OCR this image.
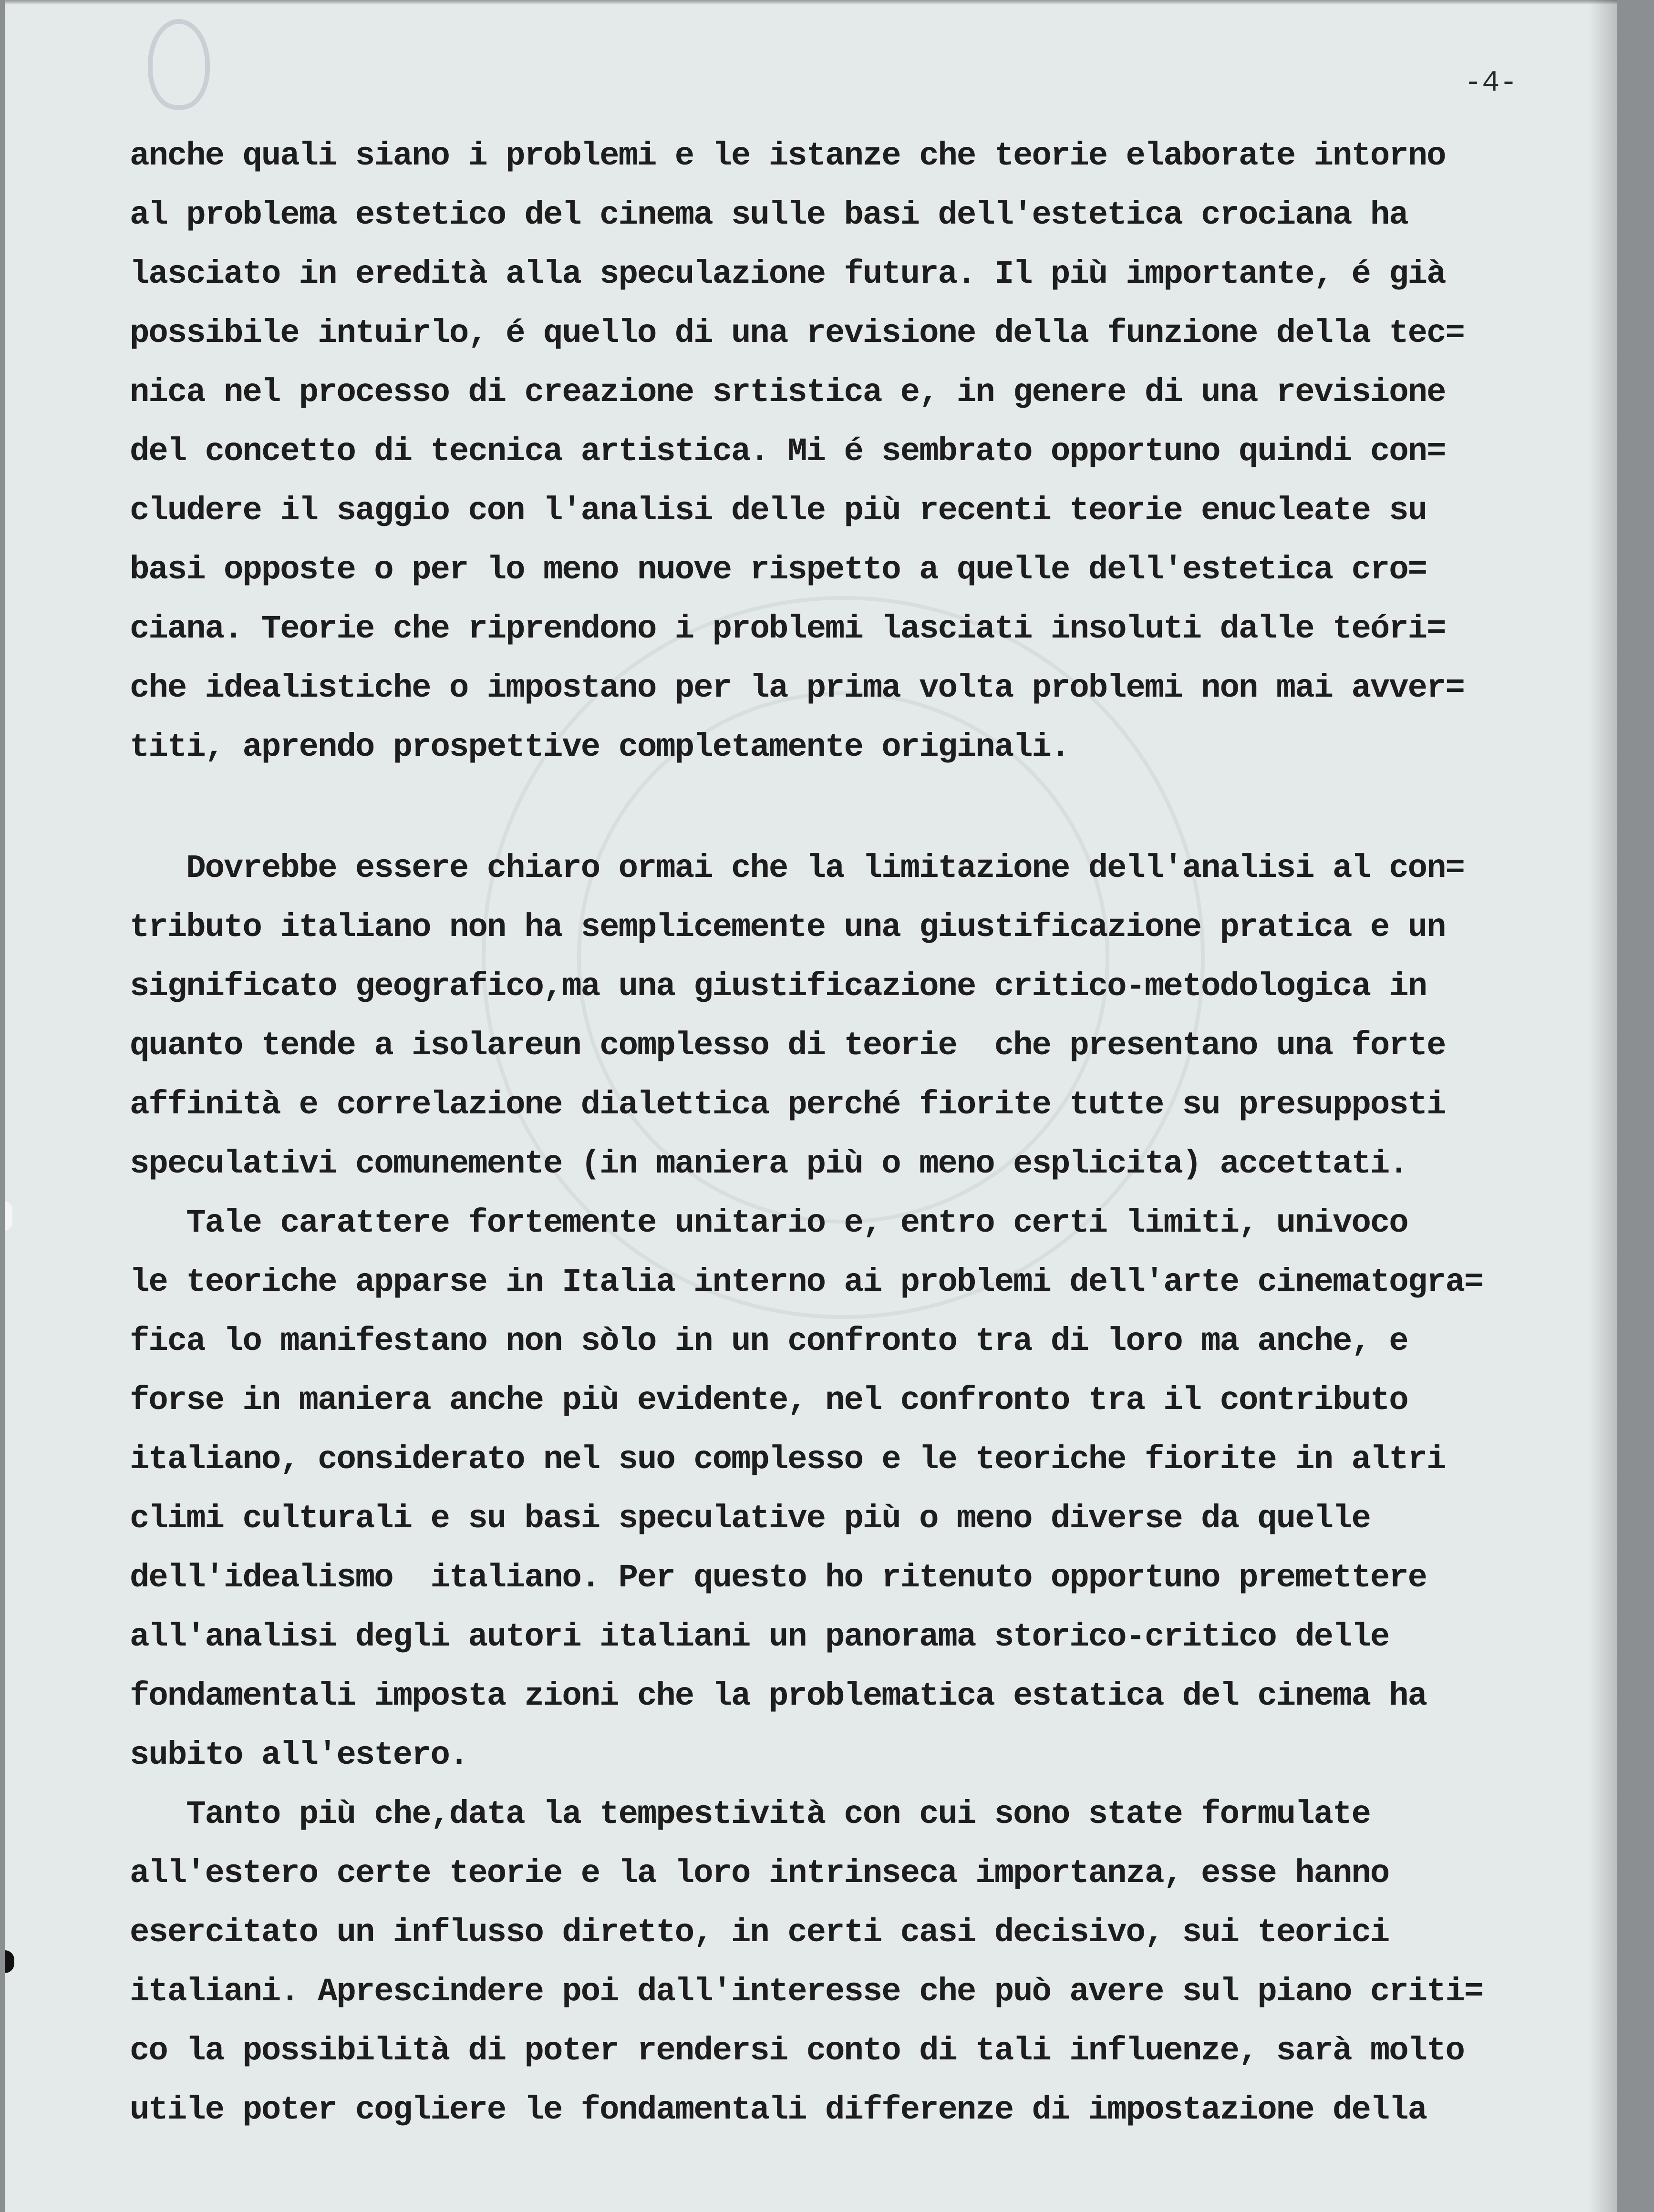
-4-
anche quali siano i problemi e le istanze che teorie elaborate intorno
al problema estetico del cinema sulle basi dell'estetica crociana ha
lasciato in eredità alla speculazione futura. Il più importante, é già
possibile intuirlo, é quello di una revisione della funzione della tec=
nica nel processo di creazione srtistica e, in genere di una revisione
del concetto di tecnica artistica. Mi é sembrato opportuno quindi con=
cludere il saggio con l'analisi delle più recenti teorie enucleate su
basi opposte o per lo meno nuove rispetto a quelle dell'estetica cro=
ciana. Teorie che riprendono i problemi lasciati insoluti dalle teóri=
che idealistiche o impostano per la prima volta problemi non mai avver=
titi, aprendo prospettive completamente originali.
Dovrebbe essere chiaro ormai che la limitazione dell'analisi al con=
tributo italiano non ha semplicemente una giustificazione pratica e un
significato geografico,ma una giustificazione critico-metodologica in
quanto tende a isolareun complesso di teorie  che presentano una forte
affinità e correlazione dialettica perché fiorite tutte su presupposti
speculativi comunemente (in maniera più o meno esplicita) accettati.
Tale carattere fortemente unitario e, entro certi limiti, univoco
le teoriche apparse in Italia interno ai problemi dell'arte cinematogra=
fica lo manifestano non sòlo in un confronto tra di loro ma anche, e
forse in maniera anche più evidente, nel confronto tra il contributo
italiano, considerato nel suo complesso e le teoriche fiorite in altri
climi culturali e su basi speculative più o meno diverse da quelle
dell'idealismo  italiano. Per questo ho ritenuto opportuno premettere
all'analisi degli autori italiani un panorama storico-critico delle
fondamentali imposta zioni che la problematica estatica del cinema ha
subito all'estero.
Tanto più che,data la tempestività con cui sono state formulate
all'estero certe teorie e la loro intrinseca importanza, esse hanno
esercitato un influsso diretto, in certi casi decisivo, sui teorici
italiani. Aprescindere poi dall'interesse che può avere sul piano criti=
co la possibilità di poter rendersi conto di tali influenze, sarà molto
utile poter cogliere le fondamentali differenze di impostazione della
